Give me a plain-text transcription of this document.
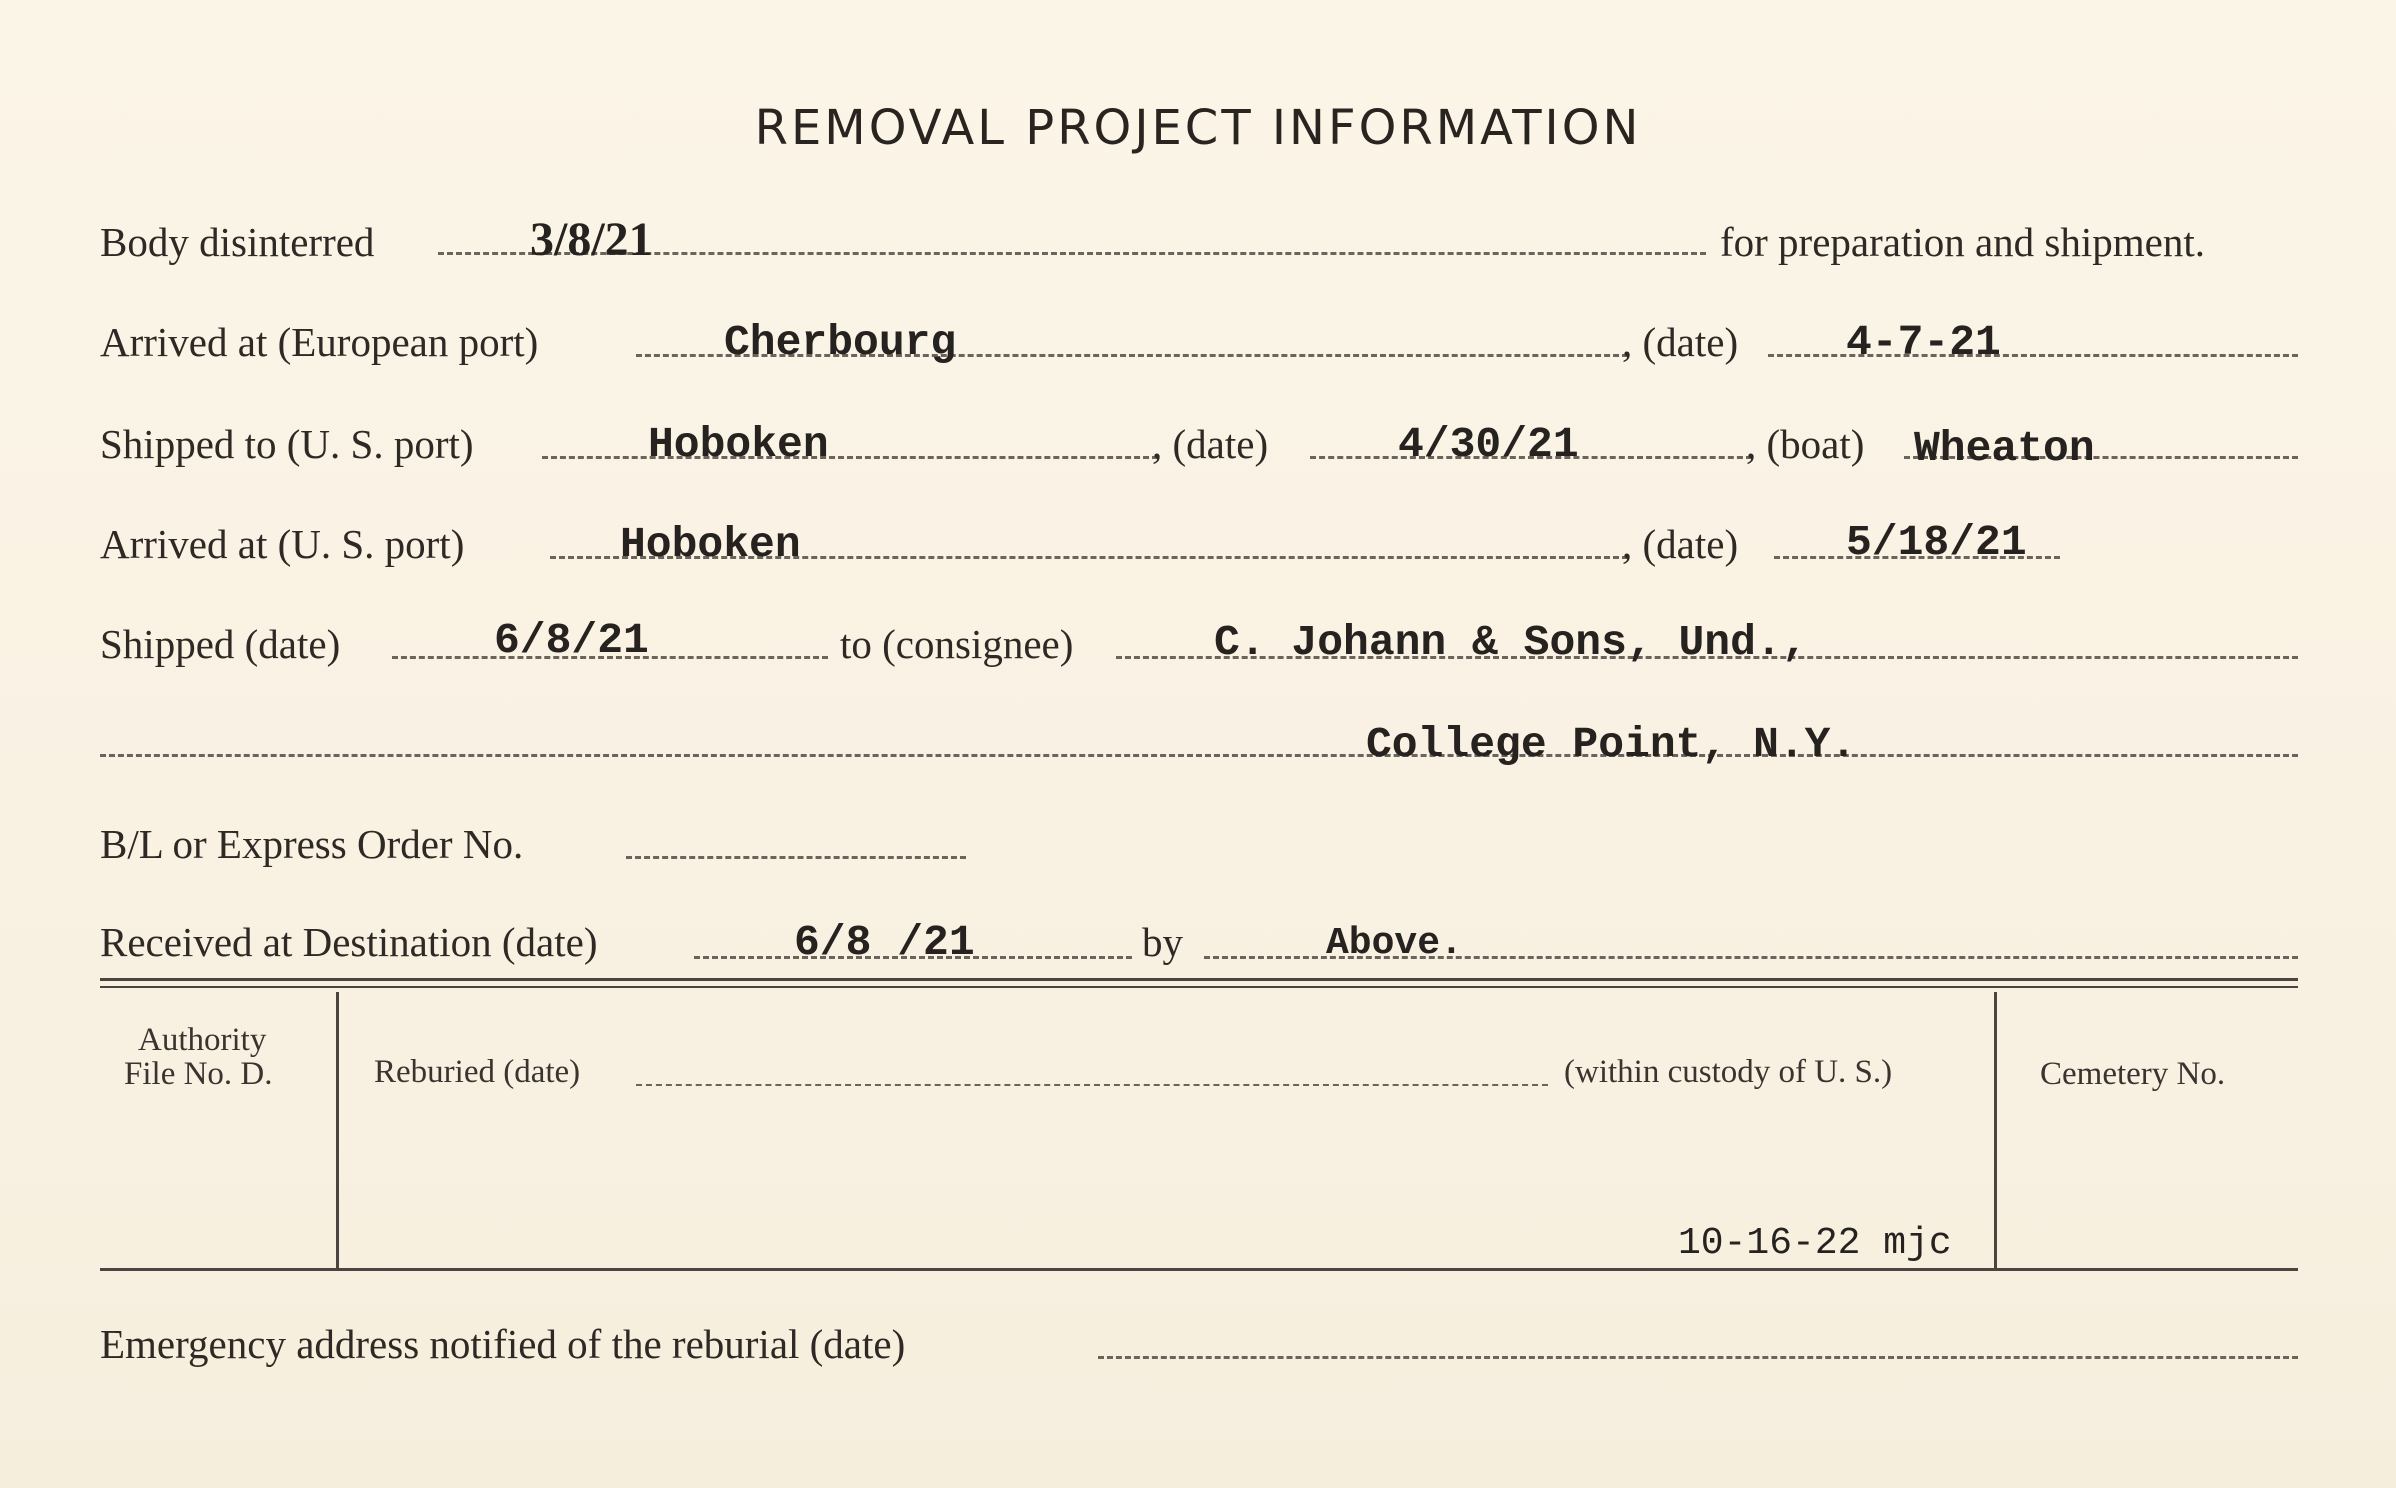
REMOVAL PROJECT INFORMATION
Body disinterred	3/8/21	for preparation and shipment.
Arrived at (European port)	Cherbourg	, (date)	4-7-21
Shipped to (U. S. port)	Hoboken	, (date)	4/30/21	, (boat) Wheaton
Arrived at (U. S. port)	Hoboken	, (date)	5/18/21
Shipped (date)	6/8/21	to (consignee)	C. Johann & Sons, Und.,
College Point, N.Y.
B/L or Express Order No.
Received at Destination (date)	6/8 /21	by	Above.
Authority
File No. D.	Reburied (date)	(within custody of U. S.)	Cemetery No.
10-16-22 mjc
Emergency address notified of the reburial (date)
